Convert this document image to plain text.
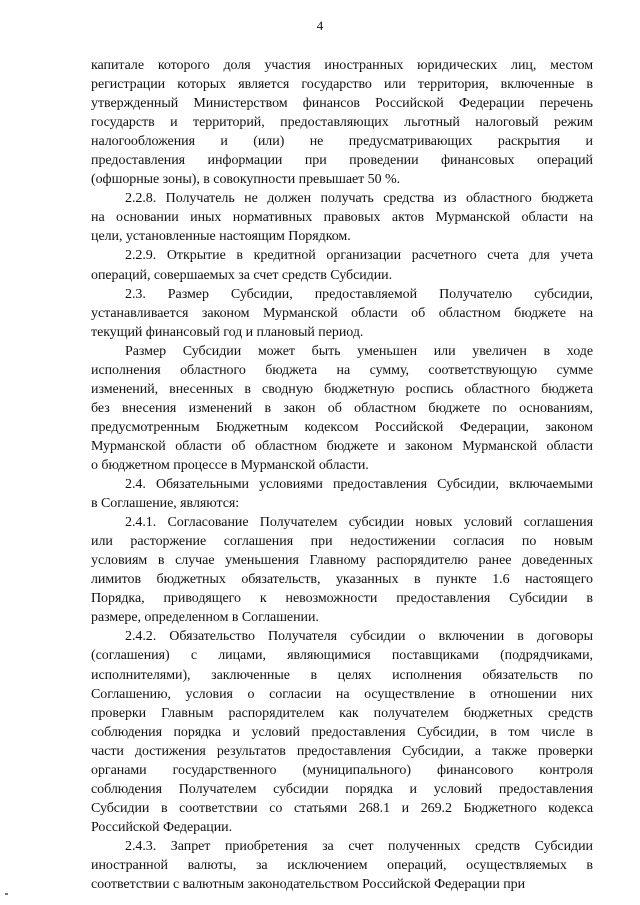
4
капитале которого доля участия иностранных юридических лиц, местом
регистрации которых является государство или территория, включенные в
утвержденный Министерством финансов Российской Федерации перечень
государств и территорий, предоставляющих льготный налоговый режим
налогообложения и (или) не предусматривающих раскрытия и
предоставления информации при проведении финансовых операций
(офшорные зоны), в совокупности превышает 50 %.
2.2.8. Получатель не должен получать средства из областного бюджета
на основании иных нормативных правовых актов Мурманской области на
цели, установленные настоящим Порядком.
2.2.9. Открытие в кредитной организации расчетного счета для учета
операций, совершаемых за счет средств Субсидии.
2.3. Размер Субсидии, предоставляемой Получателю субсидии,
устанавливается законом Мурманской области об областном бюджете на
текущий финансовый год и плановый период.
Размер Субсидии может быть уменьшен или увеличен в ходе
исполнения областного бюджета на сумму, соответствующую сумме
изменений, внесенных в сводную бюджетную роспись областного бюджета
без внесения изменений в закон об областном бюджете по основаниям,
предусмотренным Бюджетным кодексом Российской Федерации, законом
Мурманской области об областном бюджете и законом Мурманской области
о бюджетном процессе в Мурманской области.
2.4. Обязательными условиями предоставления Субсидии, включаемыми
в Соглашение, являются:
2.4.1. Согласование Получателем субсидии новых условий соглашения
или расторжение соглашения при недостижении согласия по новым
условиям в случае уменьшения Главному распорядителю ранее доведенных
лимитов бюджетных обязательств, указанных в пункте 1.6 настоящего
Порядка, приводящего к невозможности предоставления Субсидии в
размере, определенном в Соглашении.
2.4.2. Обязательство Получателя субсидии о включении в договоры
(соглашения) с лицами, являющимися поставщиками (подрядчиками,
исполнителями), заключенные в целях исполнения обязательств по
Соглашению, условия о согласии на осуществление в отношении них
проверки Главным распорядителем как получателем бюджетных средств
соблюдения порядка и условий предоставления Субсидии, в том числе в
части достижения результатов предоставления Субсидии, а также проверки
органами государственного (муниципального) финансового контроля
соблюдения Получателем субсидии порядка и условий предоставления
Субсидии в соответствии со статьями 268.1 и 269.2 Бюджетного кодекса
Российской Федерации.
2.4.3. Запрет приобретения за счет полученных средств Субсидии
иностранной валюты, за исключением операций, осуществляемых в
соответствии с валютным законодательством Российской Федерации при
